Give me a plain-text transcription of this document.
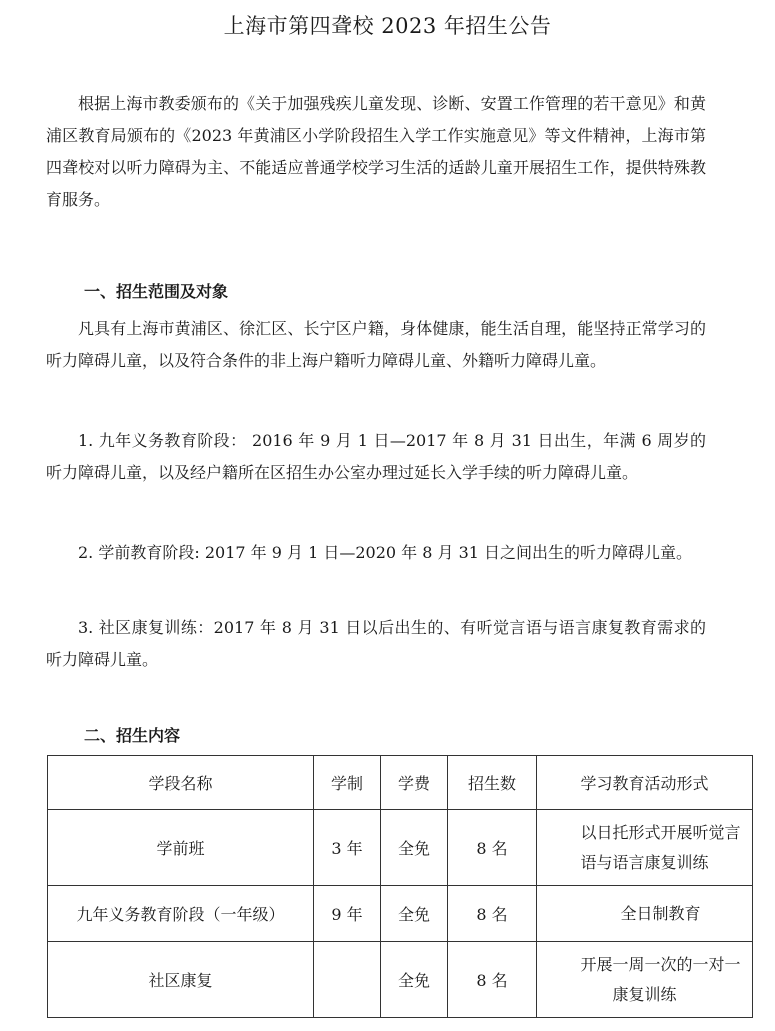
上海市第四聋校 2023 年招生公告

根据上海市教委颁布的《关于加强残疾儿童发现、诊断、安置工作管理的若干意见》和黄浦区教育局颁布的《2023 年黄浦区小学阶段招生入学工作实施意见》等文件精神，上海市第四聋校对以听力障碍为主、不能适应普通学校学习生活的适龄儿童开展招生工作，提供特殊教育服务。

一、招生范围及对象

凡具有上海市黄浦区、徐汇区、长宁区户籍，身体健康，能生活自理，能坚持正常学习的听力障碍儿童，以及符合条件的非上海户籍听力障碍儿童、外籍听力障碍儿童。

1. 九年义务教育阶段： 2016 年 9 月 1 日—2017 年 8 月 31 日出生，年满 6 周岁的听力障碍儿童，以及经户籍所在区招生办公室办理过延长入学手续的听力障碍儿童。

2. 学前教育阶段: 2017 年 9 月 1 日—2020 年 8 月 31 日之间出生的听力障碍儿童。

3. 社区康复训练：2017 年 8 月 31 日以后出生的、有听觉言语与语言康复教育需求的听力障碍儿童。

二、招生内容
学段名称	学制	学费	招生数	学习教育活动形式
学前班	3 年	全免	8 名	以日托形式开展听觉言语与语言康复训练

九年义务教育阶段（一年级）	9 年	全免	8 名	全日制教育

社区康复		全免	8 名	开展一周一次的一对一康复训练
